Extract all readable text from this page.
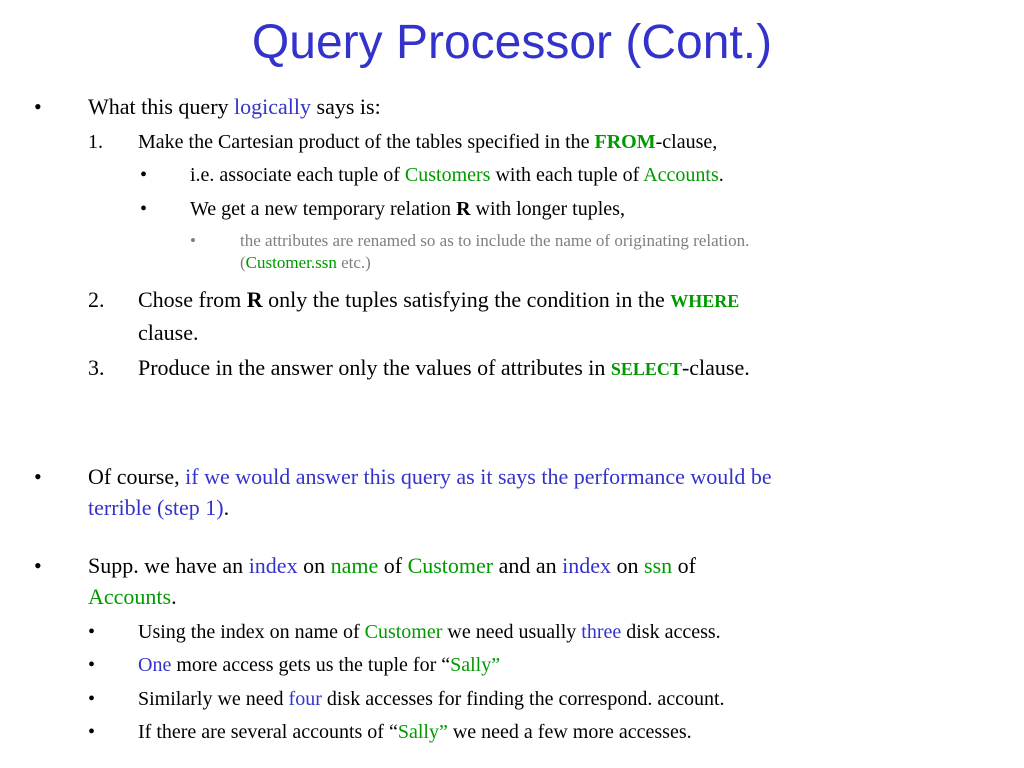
Query Processor (Cont.)
• What this query logically says is:
1. Make the Cartesian product of the tables specified in the FROM-clause,
• i.e. associate each tuple of Customers with each tuple of Accounts.
• We get a new temporary relation R with longer tuples,
•	the attributes are renamed so as to include the name of originating relation.
(Customer.ssn etc.)
2. Chose from R only the tuples satisfying the condition in the WHERE
clause.
3. Produce in the answer only the values of attributes in SELECT-clause.
• Of course, if we would answer this query as it says the performance would be
terrible (step 1).
• Supp. we have an index on name of Customer and an index on ssn of
Accounts.
• Using the index on name of Customer we need usually three disk access.
• One more access gets us the tuple for “Sally”
• Similarly we need four disk accesses for finding the correspond. account.
• If there are several accounts of “Sally” we need a few more accesses.
